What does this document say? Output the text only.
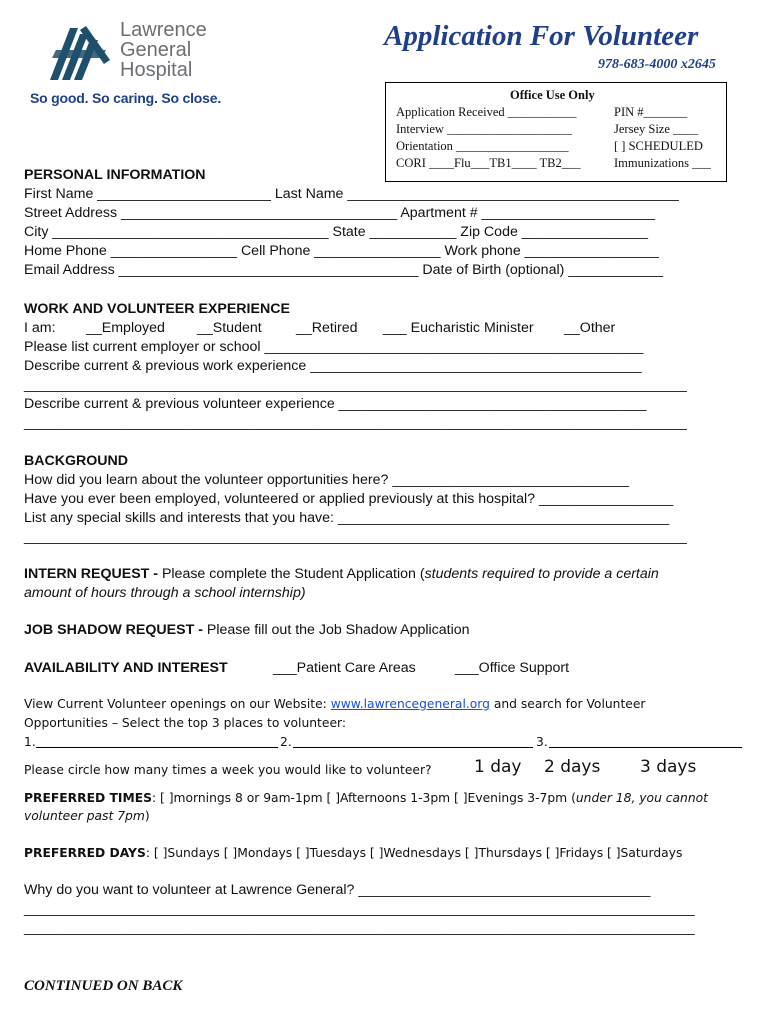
Lawrence
General
Hospital
So good. So caring. So close.
Application For Volunteer
978-683-4000 x2645
Office Use Only
Application Received ___________	PIN #_______
Interview ____________________	Jersey Size ____
Orientation __________________	[ ] SCHEDULED
CORI ____Flu___TB1____ TB2___	Immunizations ___
PERSONAL INFORMATION
First Name ______________________ Last Name __________________________________________
Street Address ___________________________________ Apartment # ______________________
City ___________________________________ State ___________ Zip Code ________________
Home Phone ________________ Cell Phone ________________ Work phone _________________
Email Address ______________________________________ Date of Birth (optional) ____________
WORK AND VOLUNTEER EXPERIENCE
I am: __Employed __Student __Retired ___ Eucharistic Minister __Other
Please list current employer or school ________________________________________________
Describe current & previous work experience __________________________________________
____________________________________________________________________________________
Describe current & previous volunteer experience _______________________________________
____________________________________________________________________________________
BACKGROUND
How did you learn about the volunteer opportunities here? ______________________________
Have you ever been employed, volunteered or applied previously at this hospital? _________________
List any special skills and interests that you have: __________________________________________
____________________________________________________________________________________
INTERN REQUEST - Please complete the Student Application (students required to provide a certain
amount of hours through a school internship)
JOB SHADOW REQUEST - Please fill out the Job Shadow Application
AVAILABILITY AND INTEREST	___Patient Care Areas	___Office Support
View Current Volunteer openings on our Website: www.lawrencegeneral.org and search for Volunteer
Opportunities – Select the top 3 places to volunteer:
1.	2.	3.
Please circle how many times a week you would like to volunteer? 1 day 2 days 3 days
PREFERRED TIMES: [ ]mornings 8 or 9am-1pm [ ]Afternoons 1-3pm [ ]Evenings 3-7pm (under 18, you cannot
volunteer past 7pm)
PREFERRED DAYS: [ ]Sundays [ ]Mondays [ ]Tuesdays [ ]Wednesdays [ ]Thursdays [ ]Fridays [ ]Saturdays
Why do you want to volunteer at Lawrence General? _____________________________________
_____________________________________________________________________________________
_____________________________________________________________________________________
CONTINUED ON BACK
